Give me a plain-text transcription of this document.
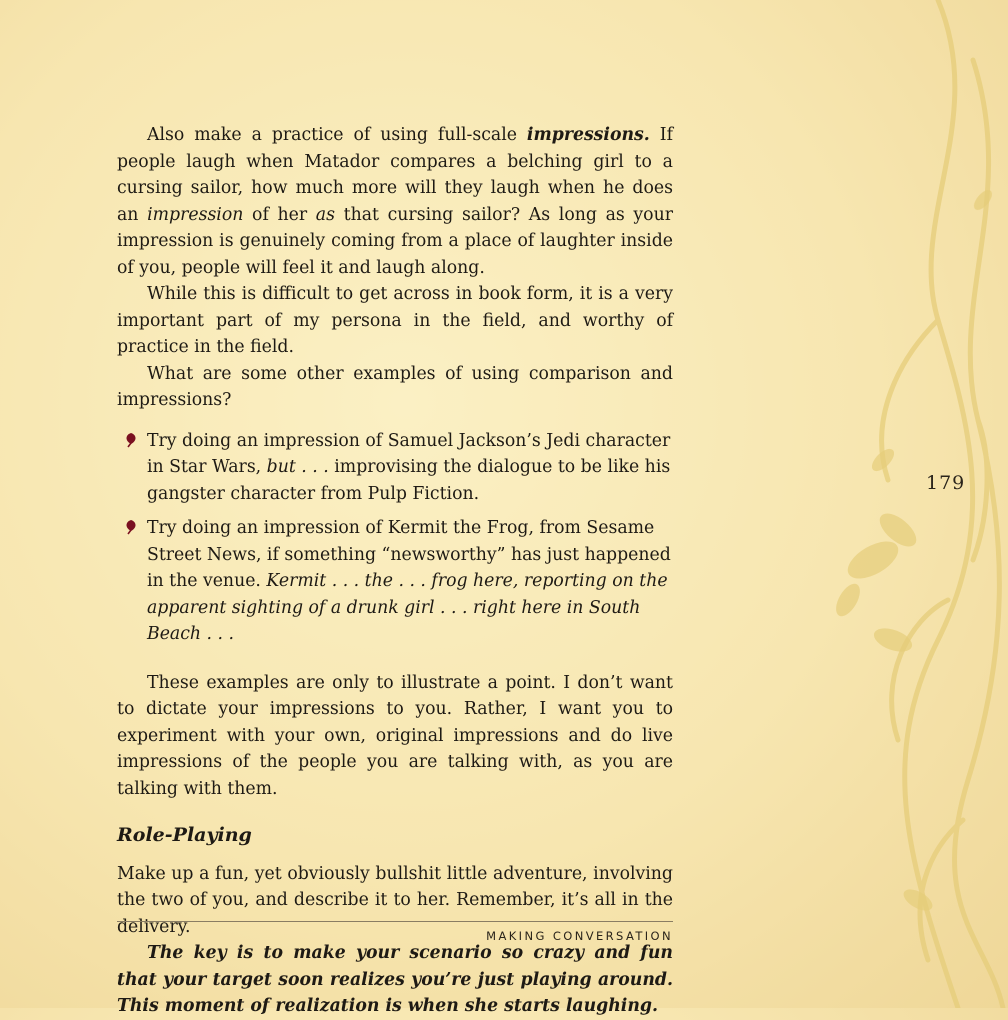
Also make a practice of using full-scale impressions. If people laugh when Matador compares a belching girl to a cursing sailor, how much more will they laugh when he does an impression of her as that cursing sailor? As long as your impression is genuinely coming from a place of laughter inside of you, people will feel it and laugh along.

While this is difficult to get across in book form, it is a very important part of my persona in the field, and worthy of practice in the field.

What are some other examples of using comparison and impressions?

Try doing an impression of Samuel Jackson’s Jedi character in Star Wars, but . . . improvising the dialogue to be like his gangster character from Pulp Fiction.
Try doing an impression of Kermit the Frog, from Sesame Street News, if something “newsworthy” has just happened in the venue. Kermit . . . the . . . frog here, reporting on the apparent sighting of a drunk girl . . . right here in South Beach . . .

These examples are only to illustrate a point. I don’t want to dictate your impressions to you. Rather, I want you to experiment with your own, original impressions and do live impressions of the people you are talking with, as you are talking with them.

Role-Playing

Make up a fun, yet obviously bullshit little adventure, involving the two of you, and describe it to her. Remember, it’s all in the delivery.

The key is to make your scenario so crazy and fun that your target soon realizes you’re just playing around. This moment of realization is when she starts laughing.

179
MAKING CONVERSATION
